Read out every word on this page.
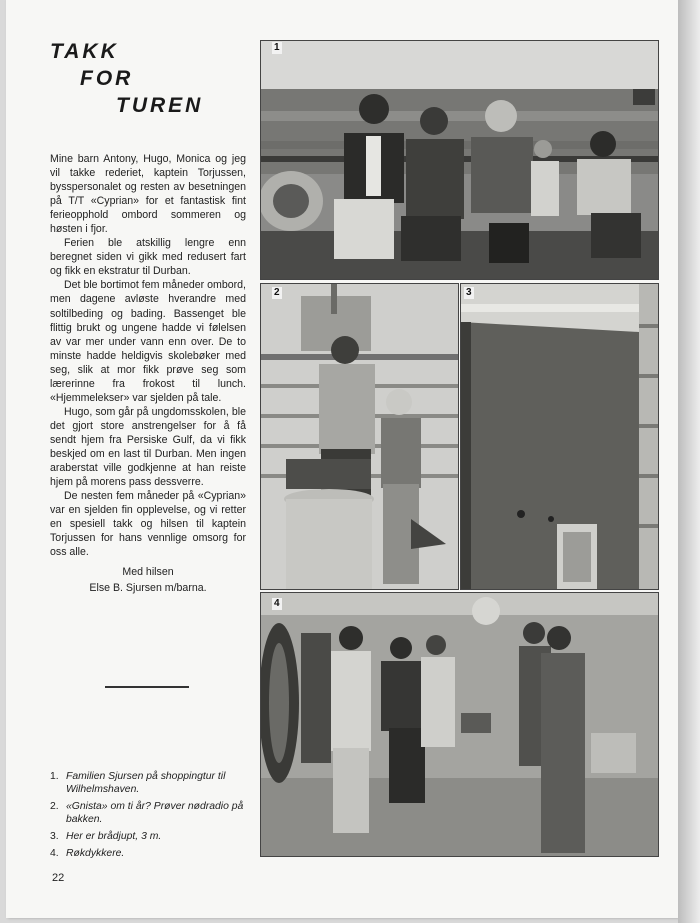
TAKK
FOR
TUREN

Mine barn Antony, Hugo, Monica og jeg vil takke rederiet, kaptein Torjussen, bysspersonalet og resten av besetningen på T/T «Cyprian» for et fantastisk fint ferieopphold ombord sommeren og høsten i fjor.

Ferien ble atskillig lengre enn beregnet siden vi gikk med redusert fart og fikk en ekstratur til Durban.

Det ble bortimot fem måneder ombord, men dagene avløste hverandre med soltilbeding og bading. Bassenget ble flittig brukt og ungene hadde vi følelsen av var mer under vann enn over. De to minste hadde heldigvis skolebøker med seg, slik at mor fikk prøve seg som lærerinne fra frokost til lunch. «Hjemmelekser» var sjelden på tale.

Hugo, som går på ungdomsskolen, ble det gjort store anstrengelser for å få sendt hjem fra Persiske Gulf, da vi fikk beskjed om en last til Durban. Men ingen araberstat ville godkjenne at han reiste hjem på morens pass dessverre.

De nesten fem måneder på «Cyprian» var en sjelden fin opplevelse, og vi retter en spesiell takk og hilsen til kaptein Torjussen for hans vennlige omsorg for oss alle.

Med hilsen
Else B. Sjursen m/barna.
1. Familien Sjursen på shoppingtur til Wilhelmshaven.
2. «Gnista» om ti år? Prøver nødradio på bakken.
3. Her er brådjupt, 3 m.
4. Røkdykkere.
22
1
2	3
4
